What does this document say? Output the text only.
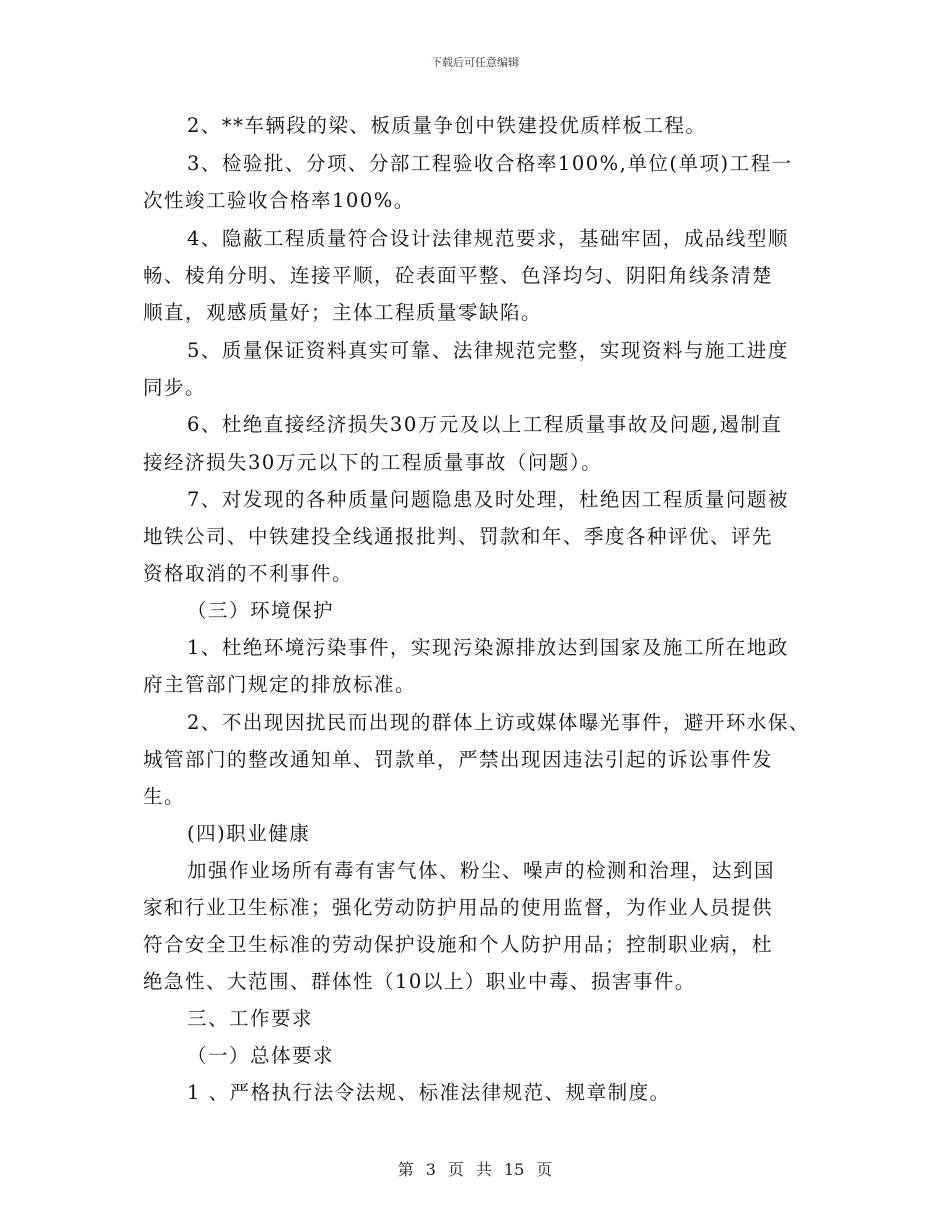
下载后可任意编辑
2、**车辆段的梁、板质量争创中铁建投优质样板工程。
3、检验批、分项、分部工程验收合格率100%,单位(单项)工程一
次性竣工验收合格率100%。
4、隐蔽工程质量符合设计法律规范要求，基础牢固，成品线型顺
畅、棱角分明、连接平顺，砼表面平整、色泽均匀、阴阳角线条清楚
顺直，观感质量好；主体工程质量零缺陷。
5、质量保证资料真实可靠、法律规范完整，实现资料与施工进度
同步。
6、杜绝直接经济损失30万元及以上工程质量事故及问题,遏制直
接经济损失30万元以下的工程质量事故（问题）。
7、对发现的各种质量问题隐患及时处理，杜绝因工程质量问题被
地铁公司、中铁建投全线通报批判、罚款和年、季度各种评优、评先
资格取消的不利事件。
（三）环境保护
1、杜绝环境污染事件，实现污染源排放达到国家及施工所在地政
府主管部门规定的排放标准。
2、不出现因扰民而出现的群体上访或媒体曝光事件，避开环水保、
城管部门的整改通知单、罚款单，严禁出现因违法引起的诉讼事件发
生。
(四)职业健康
加强作业场所有毒有害气体、粉尘、噪声的检测和治理，达到国
家和行业卫生标准；强化劳动防护用品的使用监督，为作业人员提供
符合安全卫生标准的劳动保护设施和个人防护用品；控制职业病，杜
绝急性、大范围、群体性（10以上）职业中毒、损害事件。
三、工作要求
（一）总体要求
1 、严格执行法令法规、标准法律规范、规章制度。
第 3 页 共 15 页
